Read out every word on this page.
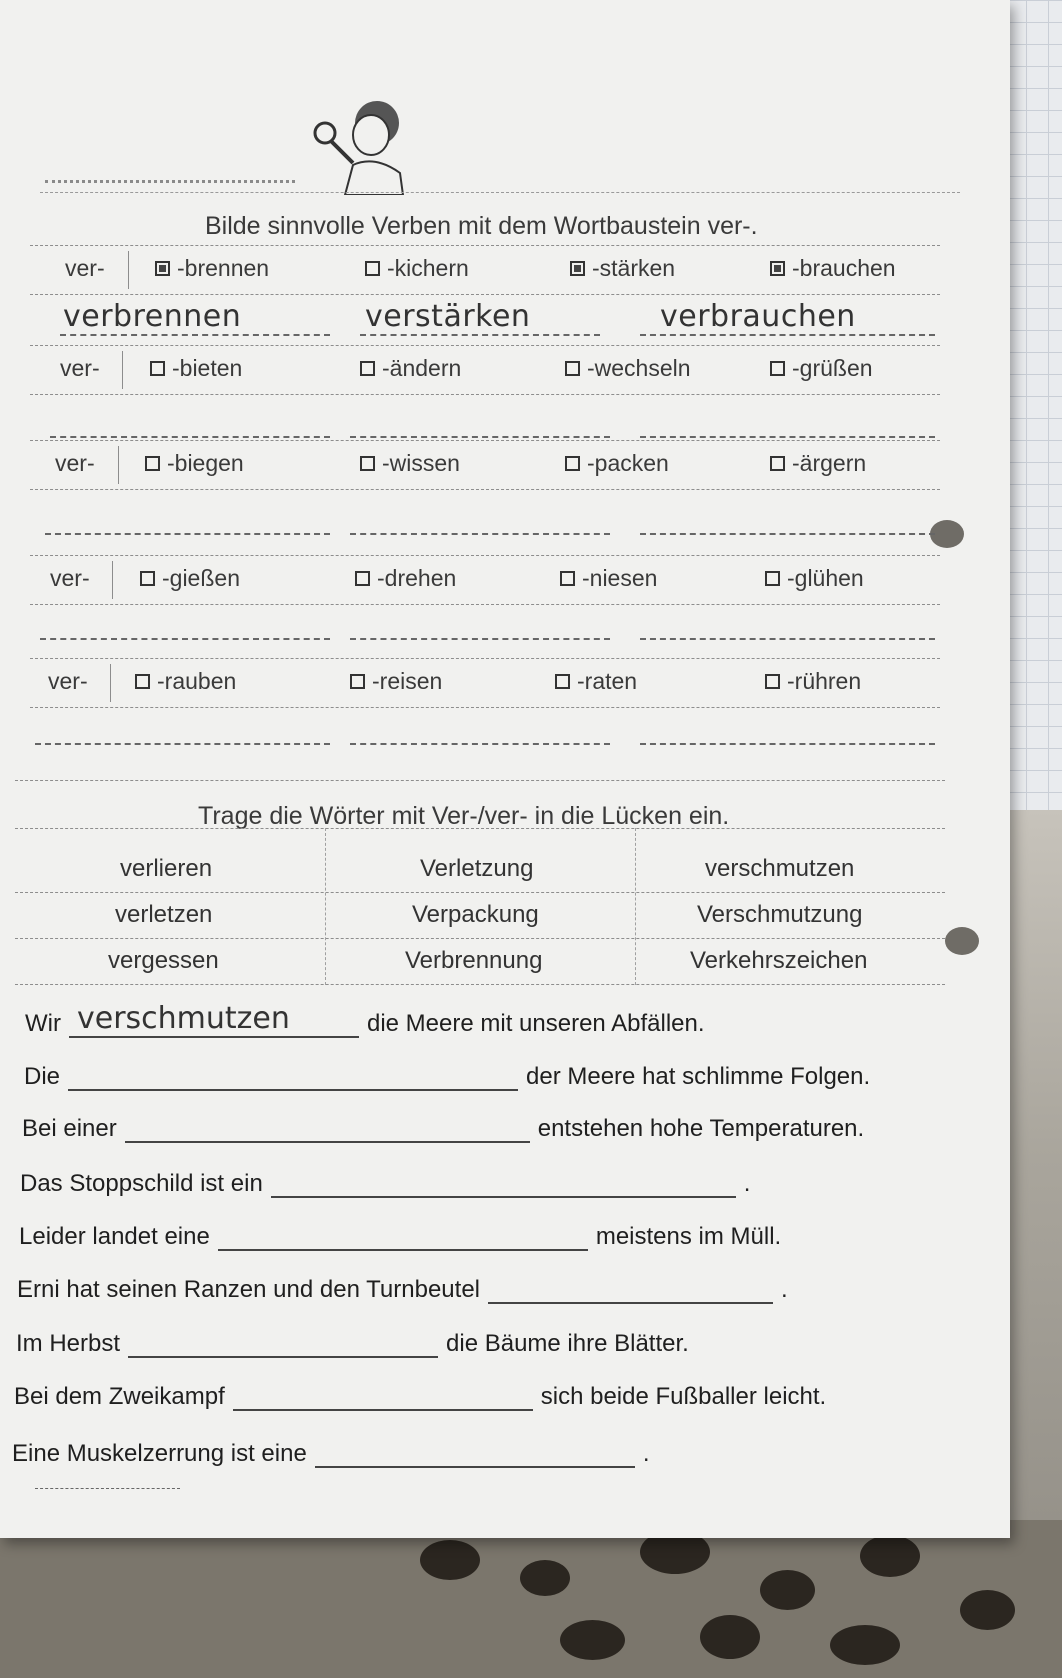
Bilde sinnvolle Verben mit dem Wortbaustein ver-.
ver-	-brennen	-kichern	-stärken	-brauchen
verbrennen	verstärken	verbrauchen
ver-	-bieten	-ändern	-wechseln	-grüßen
ver-	-biegen	-wissen	-packen	-ärgern
ver-	-gießen	-drehen	-niesen	-glühen
ver-	-rauben	-reisen	-raten	-rühren
Trage die Wörter mit Ver-/ver- in die Lücken ein.
verlieren	Verletzung	verschmutzen
verletzen	Verpackung	Verschmutzung
vergessen	Verbrennung	Verkehrszeichen
Wir verschmutzen	die Meere mit unseren Abfällen.
Die	der Meere hat schlimme Folgen.
Bei einer	entstehen hohe Temperaturen.
Das Stoppschild ist ein	.
Leider landet eine	meistens im Müll.
Erni hat seinen Ranzen und den Turnbeutel	.
Im Herbst	die Bäume ihre Blätter.
Bei dem Zweikampf	sich beide Fußballer leicht.
Eine Muskelzerrung ist eine	.
